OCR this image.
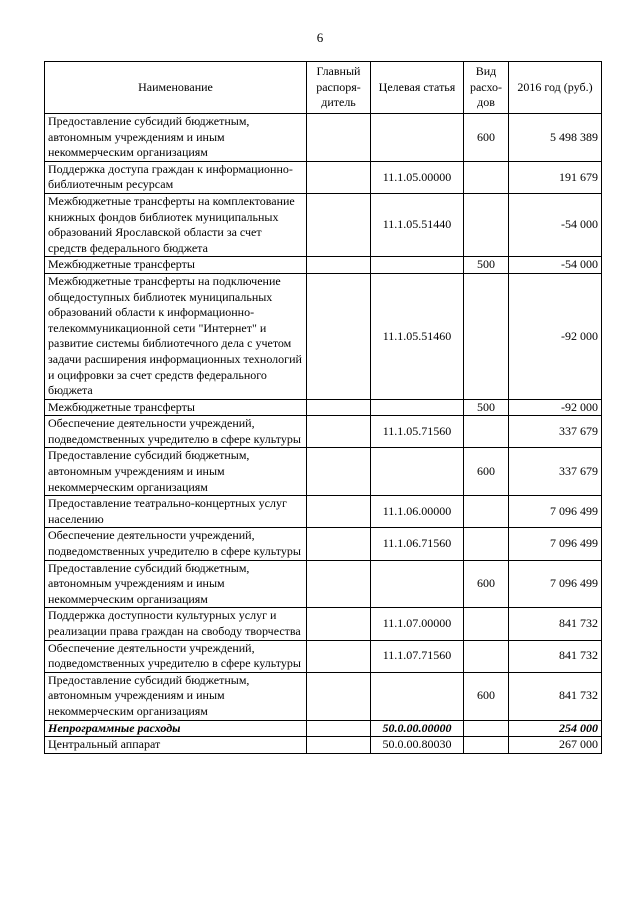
6
Наименование	Главный распоря- дитель	Целевая статья	Вид расхо- дов	2016 год (руб.)
Предоставление субсидий бюджетным, автономным учреждениям и иным некоммерческим организациям			600	5 498 389
Поддержка доступа граждан к информационно-библиотечным ресурсам		11.1.05.00000		191 679
Межбюджетные трансферты на комплектование книжных фондов библиотек муниципальных образований Ярославской области за счет средств федерального бюджета		11.1.05.51440		-54 000
Межбюджетные трансферты			500	-54 000
Межбюджетные трансферты на подключение общедоступных библиотек муниципальных образований области к информационно-телекоммуникационной сети "Интернет" и развитие системы библиотечного дела с учетом задачи расширения информационных технологий и оцифровки за счет средств федерального бюджета		11.1.05.51460		-92 000
Межбюджетные трансферты			500	-92 000
Обеспечение деятельности учреждений, подведомственных учредителю в сфере культуры		11.1.05.71560		337 679
Предоставление субсидий бюджетным, автономным учреждениям и иным некоммерческим организациям			600	337 679
Предоставление театрально-концертных услуг населению		11.1.06.00000		7 096 499
Обеспечение деятельности учреждений, подведомственных учредителю в сфере культуры		11.1.06.71560		7 096 499
Предоставление субсидий бюджетным, автономным учреждениям и иным некоммерческим организациям			600	7 096 499
Поддержка доступности культурных услуг и реализации права граждан на свободу творчества		11.1.07.00000		841 732
Обеспечение деятельности учреждений, подведомственных учредителю в сфере культуры		11.1.07.71560		841 732
Предоставление субсидий бюджетным, автономным учреждениям и иным некоммерческим организациям			600	841 732
Непрограммные расходы		50.0.00.00000		254 000
Центральный аппарат		50.0.00.80030		267 000
